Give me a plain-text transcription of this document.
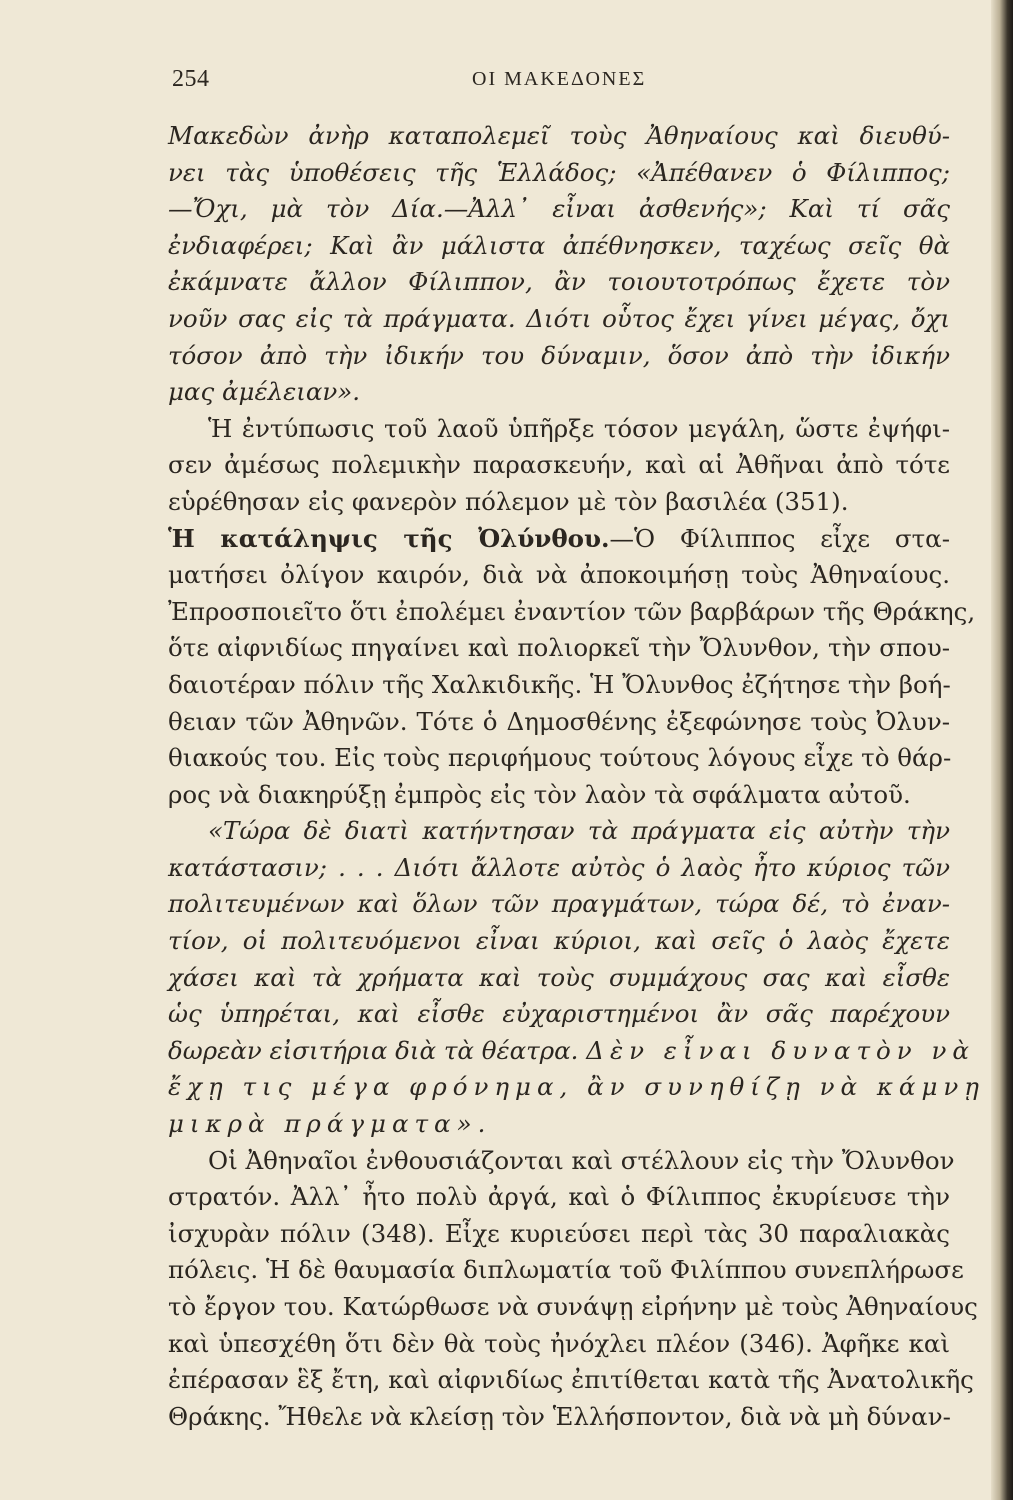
254	ΟΙ ΜΑΚΕΔΟΝΕΣ
Μακεδὼν ἀνὴρ καταπολεμεῖ τοὺς Ἀθηναίους καὶ διευθύ-
νει τὰς ὑποθέσεις τῆς Ἑλλάδος; «Ἀπέθανεν ὁ Φίλιππος;
—Ὄχι, μὰ τὸν Δία.—Ἀλλ᾽ εἶναι ἀσθενής»; Καὶ τί σᾶς
ἐνδιαφέρει; Καὶ ἂν μάλιστα ἀπέθνησκεν, ταχέως σεῖς θὰ
ἐκάμνατε ἄλλον Φίλιππον, ἂν τοιουτοτρόπως ἔχετε τὸν
νοῦν σας εἰς τὰ πράγματα. Διότι οὗτος ἔχει γίνει μέγας, ὄχι
τόσον ἀπὸ τὴν ἰδικήν του δύναμιν, ὅσον ἀπὸ τὴν ἰδικήν
μας ἀμέλειαν».
Ἡ ἐντύπωσις τοῦ λαοῦ ὑπῆρξε τόσον μεγάλη, ὥστε ἐψήφι-
σεν ἀμέσως πολεμικὴν παρασκευήν, καὶ αἱ Ἀθῆναι ἀπὸ τότε
εὑρέθησαν εἰς φανερὸν πόλεμον μὲ τὸν βασιλέα (351).
Ἡ κατάληψις τῆς Ὀλύνθου.—Ὁ Φίλιππος εἶχε στα-
ματήσει ὀλίγον καιρόν, διὰ νὰ ἀποκοιμήσῃ τοὺς Ἀθηναίους.
Ἐπροσποιεῖτο ὅτι ἐπολέμει ἐναντίον τῶν βαρβάρων τῆς Θράκης,
ὅτε αἰφνιδίως πηγαίνει καὶ πολιορκεῖ τὴν Ὄλυνθον, τὴν σπου-
δαιοτέραν πόλιν τῆς Χαλκιδικῆς. Ἡ Ὄλυνθος ἐζήτησε τὴν βοή-
θειαν τῶν Ἀθηνῶν. Τότε ὁ Δημοσθένης ἐξεφώνησε τοὺς Ὀλυν-
θιακούς του. Εἰς τοὺς περιφήμους τούτους λόγους εἶχε τὸ θάρ-
ρος νὰ διακηρύξῃ ἐμπρὸς εἰς τὸν λαὸν τὰ σφάλματα αὐτοῦ.
«Τώρα δὲ διατὶ κατήντησαν τὰ πράγματα εἰς αὐτὴν τὴν
κατάστασιν; . . . Διότι ἄλλοτε αὐτὸς ὁ λαὸς ἦτο κύριος τῶν
πολιτευμένων καὶ ὅλων τῶν πραγμάτων, τώρα δέ, τὸ ἐναν-
τίον, οἱ πολιτευόμενοι εἶναι κύριοι, καὶ σεῖς ὁ λαὸς ἔχετε
χάσει καὶ τὰ χρήματα καὶ τοὺς συμμάχους σας καὶ εἶσθε
ὡς ὑπηρέται, καὶ εἶσθε εὐχαριστημένοι ἂν σᾶς παρέχουν
δωρεὰν εἰσιτήρια διὰ τὰ θέατρα. Δὲν εἶναι δυνατὸν νὰ
ἔχῃ τις μέγα φρόνημα, ἂν συνηθίζῃ νὰ κάμνῃ
μικρὰ πράγματα».
Οἱ Ἀθηναῖοι ἐνθουσιάζονται καὶ στέλλουν εἰς τὴν Ὄλυνθον
στρατόν. Ἀλλ᾽ ἦτο πολὺ ἀργά, καὶ ὁ Φίλιππος ἐκυρίευσε τὴν
ἰσχυρὰν πόλιν (348). Εἶχε κυριεύσει περὶ τὰς 30 παραλιακὰς
πόλεις. Ἡ δὲ θαυμασία διπλωματία τοῦ Φιλίππου συνεπλήρωσε
τὸ ἔργον του. Κατώρθωσε νὰ συνάψῃ εἰρήνην μὲ τοὺς Ἀθηναίους
καὶ ὑπεσχέθη ὅτι δὲν θὰ τοὺς ἠνόχλει πλέον (346). Ἀφῆκε καὶ
ἐπέρασαν ἓξ ἔτη, καὶ αἰφνιδίως ἐπιτίθεται κατὰ τῆς Ἀνατολικῆς
Θράκης. Ἤθελε νὰ κλείσῃ τὸν Ἑλλήσποντον, διὰ νὰ μὴ δύναν-
